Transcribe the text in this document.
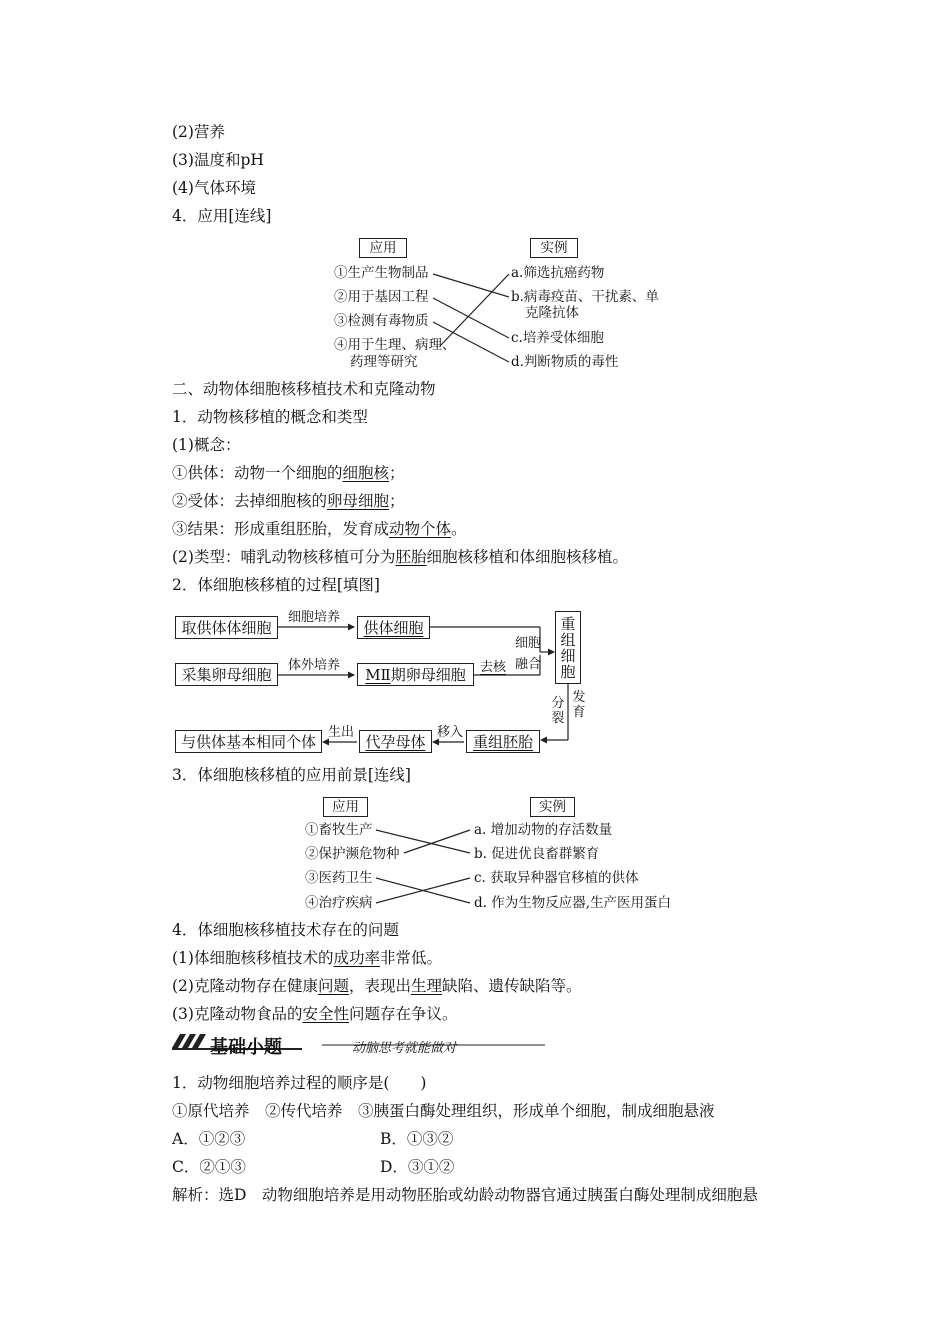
(2)营养
(3)温度和pH
(4)气体环境
4．应用[连线]
应用	实例
①生产生物制品
②用于基因工程
③检测有毒物质
④用于生理、病理、
药理等研究
a.筛选抗癌药物
b.病毒疫苗、干扰素、单
克隆抗体
c.培养受体细胞
d.判断物质的毒性
二、动物体细胞核移植技术和克隆动物
1．动物核移植的概念和类型
(1)概念：
①供体：动物一个细胞的细胞核；
②受体：去掉细胞核的卵母细胞；
③结果：形成重组胚胎，发育成动物个体。
(2)类型：哺乳动物核移植可分为胚胎细胞核移植和体细胞核移植。
2．体细胞核移植的过程[填图]
取供体体细胞
细胞培养
供体细胞
采集卵母细胞
体外培养 MⅡ 期卵母细胞 去核
细胞
融合 重组细胞
分裂
发育
重组胚胎
移入
代孕母体
生出
与供体基本相同个体
3．体细胞核移植的应用前景[连线]
应用	实例
①畜牧生产
②保护濒危物种
③医药卫生
④治疗疾病
a. 增加动物的存活数量
b. 促进优良畜群繁育
c. 获取异种器官移植的供体
d. 作为生物反应器,生产医用蛋白
4．体细胞核移植技术存在的问题
(1)体细胞核移植技术的成功率非常低。
(2)克隆动物存在健康问题，表现出生理缺陷、遗传缺陷等。
(3)克隆动物食品的安全性问题存在争议。
基础小题	动脑思考就能做对
1．动物细胞培养过程的顺序是(　　)
①原代培养　②传代培养　③胰蛋白酶处理组织，形成单个细胞，制成细胞悬液
A．①②③	B．①③②
C．②①③	D．③①②
解析：选D　动物细胞培养是用动物胚胎或幼龄动物器官通过胰蛋白酶处理制成细胞悬
